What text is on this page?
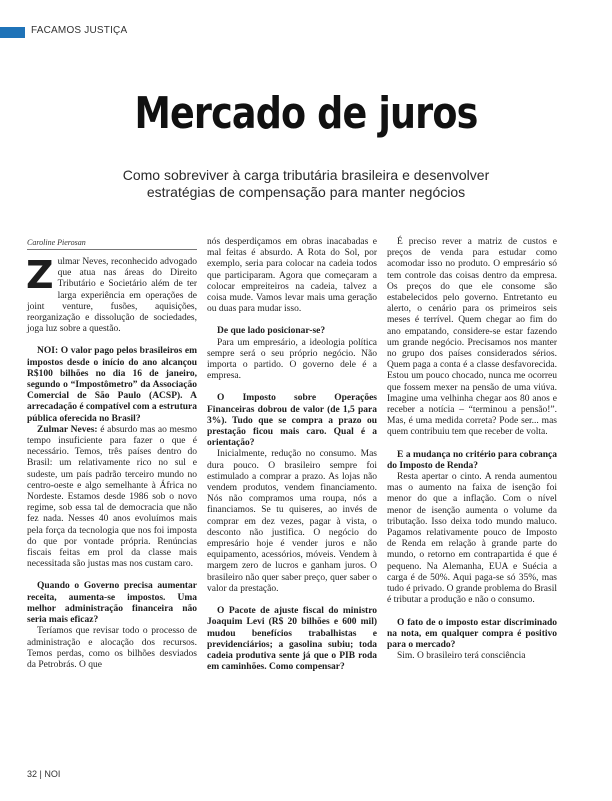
FACAMOS JUSTIÇA
Mercado de juros
Como sobreviver à carga tributária brasileira e desenvolver
estratégias de compensação para manter negócios
Caroline Pierosan

Zulmar Neves, reconhecido advogado que atua nas áreas do Direito Tributário e Societário além de ter larga experiência em operações de joint venture, fusões, aquisições, reorganização e dissolução de sociedades, joga luz sobre a questão.

NOI: O valor pago pelos brasileiros em impostos desde o início do ano alcançou R$100 bilhões no dia 16 de janeiro, segundo o “Impostômetro” da Associação Comercial de São Paulo (ACSP). A arrecadação é compatível com a estrutura pública oferecida no Brasil?

Zulmar Neves: é absurdo mas ao mesmo tempo insuficiente para fazer o que é necessário. Temos, três países dentro do Brasil: um relativamente rico no sul e sudeste, um país padrão terceiro mundo no centro-oeste e algo semelhante à África no Nordeste. Estamos desde 1986 sob o novo regime, sob essa tal de democracia que não fez nada. Nesses 40 anos evoluímos mais pela força da tecnologia que nos foi imposta do que por vontade própria. Renúncias fiscais feitas em prol da classe mais necessitada são justas mas nos custam caro.

Quando o Governo precisa aumentar receita, aumenta-se impostos. Uma melhor administração financeira não seria mais eficaz?

Teríamos que revisar todo o processo de administração e alocação dos recursos. Temos perdas, como os bilhões desviados da Petrobrás. O que

nós desperdiçamos em obras inacabadas e mal feitas é absurdo. A Rota do Sol, por exemplo, seria para colocar na cadeia todos que participaram. Agora que começaram a colocar empreiteiros na cadeia, talvez a coisa mude. Vamos levar mais uma geração ou duas para mudar isso.

De que lado posicionar-se?

Para um empresário, a ideologia política sempre será o seu próprio negócio. Não importa o partido. O governo dele é a empresa.

O Imposto sobre Operações Financeiras dobrou de valor (de 1,5 para 3%). Tudo que se compra a prazo ou prestação ficou mais caro. Qual é a orientação?

Inicialmente, redução no consumo. Mas dura pouco. O brasileiro sempre foi estimulado a comprar a prazo. As lojas não vendem produtos, vendem financiamento. Nós não compramos uma roupa, nós a financiamos. Se tu quiseres, ao invés de comprar em dez vezes, pagar à vista, o desconto não justifica. O negócio do empresário hoje é vender juros e não equipamento, acessórios, móveis. Vendem à margem zero de lucros e ganham juros. O brasileiro não quer saber preço, quer saber o valor da prestação.

O Pacote de ajuste fiscal do ministro Joaquim Levi (R$ 20 bilhões e 600 mil) mudou benefícios trabalhistas e previdenciários; a gasolina subiu; toda cadeia produtiva sente já que o PIB roda em caminhões. Como compensar?

É preciso rever a matriz de custos e preços de venda para estudar como acomodar isso no produto. O empresário só tem controle das coisas dentro da empresa. Os preços do que ele consome são estabelecidos pelo governo. Entretanto eu alerto, o cenário para os primeiros seis meses é terrível. Quem chegar ao fim do ano empatando, considere-se estar fazendo um grande negócio. Precisamos nos manter no grupo dos países considerados sérios. Quem paga a conta é a classe desfavorecida. Estou um pouco chocado, nunca me ocorreu que fossem mexer na pensão de uma viúva. Imagine uma velhinha chegar aos 80 anos e receber a notícia – “terminou a pensão!”. Mas, é uma medida correta? Pode ser... mas quem contribuiu tem que receber de volta.

E a mudança no critério para cobrança do Imposto de Renda?

Resta apertar o cinto. A renda aumentou mas o aumento na faixa de isenção foi menor do que a inflação. Com o nível menor de isenção aumenta o volume da tributação. Isso deixa todo mundo maluco. Pagamos relativamente pouco de Imposto de Renda em relação à grande parte do mundo, o retorno em contrapartida é que é pequeno. Na Alemanha, EUA e Suécia a carga é de 50%. Aqui paga-se só 35%, mas tudo é privado. O grande problema do Brasil é tributar a produção e não o consumo.

O fato de o imposto estar discriminado na nota, em qualquer compra é positivo para o mercado?

Sim. O brasileiro terá consciência

32 | NOI
